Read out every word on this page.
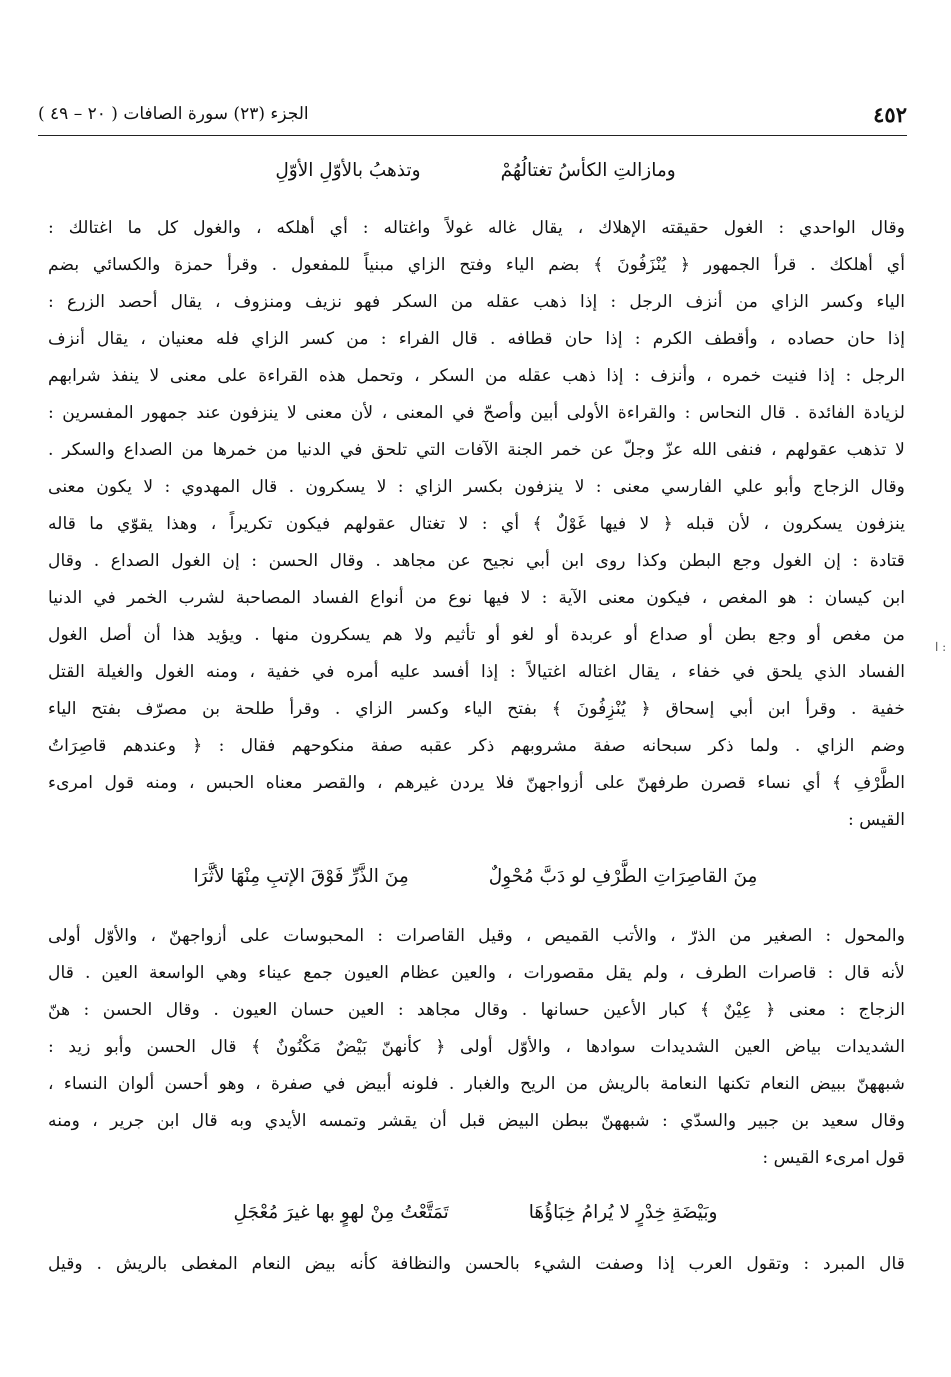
٤٥٢
الجزء (٢٣) سورة الصافات ( ٢٠ – ٤٩ )
ومازالتِ الكأسُ تغتالُهُمْ
وتذهبُ بالأوّلِ الأوّلِ
وقال الواحدي : الغول حقيقته الإهلاك ، يقال غاله غولاً واغتاله : أي أهلكه ، والغول كل ما اغتالك :
أي أهلكك . قرأ الجمهور ﴿ يُنْزَفُونَ ﴾ بضم الياء وفتح الزاي مبنياً للمفعول . وقرأ حمزة والكسائي بضم
الياء وكسر الزاي من أنزف الرجل : إذا ذهب عقله من السكر فهو نزيف ومنزوف ، يقال أحصد الزرع :
إذا حان حصاده ، وأقطف الكرم : إذا حان قطافه . قال الفراء : من كسر الزاي فله معنيان ، يقال أنزف
الرجل : إذا فنيت خمره ، وأنزف : إذا ذهب عقله من السكر ، وتحمل هذه القراءة على معنى لا ينفذ شرابهم
لزيادة الفائدة . قال النحاس : والقراءة الأولى أبين وأصحّ في المعنى ، لأن معنى لا ينزفون عند جمهور المفسرين :
لا تذهب عقولهم ، فنفى الله عزّ وجلّ عن خمر الجنة الآفات التي تلحق في الدنيا من خمرها من الصداع والسكر .
وقال الزجاج وأبو علي الفارسي معنى : لا ينزفون بكسر الزاي : لا يسكرون . قال المهدوي : لا يكون معنى
ينزفون يسكرون ، لأن قبله ﴿ لا فيها غَوْلٌ ﴾ أي : لا تغتال عقولهم فيكون تكريراً ، وهذا يقوّي ما قاله
قتادة : إن الغول وجع البطن وكذا روى ابن أبي نجيح عن مجاهد . وقال الحسن : إن الغول الصداع . وقال
ابن كيسان : هو المغص ، فيكون معنى الآية : لا فيها نوع من أنواع الفساد المصاحبة لشرب الخمر في الدنيا
من مغص أو وجع بطن أو صداع أو عربدة أو لغو أو تأثيم ولا هم يسكرون منها . ويؤيد هذا أن أصل الغول
الفساد الذي يلحق في خفاء ، يقال اغتاله اغتيالاً : إذا أفسد عليه أمره في خفية ، ومنه الغول والغيلة القتل
خفية . وقرأ ابن أبي إسحاق ﴿ يُنْزِفُونَ ﴾ بفتح الياء وكسر الزاي . وقرأ طلحة بن مصرّف بفتح الياء
وضم الزاي . ولما ذكر سبحانه صفة مشروبهم ذكر عقبه صفة منكوحهم فقال : ﴿ وعندهم قاصِرَاتُ
الطَّرْفِ ﴾ أي نساء قصرن طرفهنّ على أزواجهنّ فلا يردن غيرهم ، والقصر معناه الحبس ، ومنه قول امرىء
القيس :
مِنَ القاصِرَاتِ الطَّرْفِ لو دَبَّ مُحْوِلٌ
مِنَ الذَّرِّ فَوْقَ الإتبِ مِنْهَا لأثَّرَا
والمحول : الصغير من الذرّ ، والأتب القميص ، وقيل القاصرات : المحبوسات على أزواجهنّ ، والأوّل أولى
لأنه قال : قاصرات الطرف ، ولم يقل مقصورات ، والعين عظام العيون جمع عيناء وهي الواسعة العين . قال
الزجاج : معنى ﴿ عِيْنٌ ﴾ كبار الأعين حسانها . وقال مجاهد : العين حسان العيون . وقال الحسن : هنّ
الشديدات بياض العين الشديدات سوادها ، والأوّل أولى ﴿ كأنهنّ بَيْضٌ مَكْنُونٌ ﴾ قال الحسن وأبو زيد :
شبههنّ ببيض النعام تكنها النعامة بالريش من الريح والغبار . فلونه أبيض في صفرة ، وهو أحسن ألوان النساء ،
وقال سعيد بن جبير والسدّي : شبههنّ ببطن البيض قبل أن يقشر وتمسه الأيدي وبه قال ابن جرير ، ومنه
قول امرىء القيس :
وبَيْضَةِ خِدْرٍ لا يُرامُ خِبَاؤُهَا
تَمَتَّعْتُ مِنْ لهوٍ بها غيرَ مُعْجَلِ
قال المبرد : وتقول العرب إذا وصفت الشيء بالحسن والنظافة كأنه بيض النعام المغطى بالريش . وقيل
ا :
